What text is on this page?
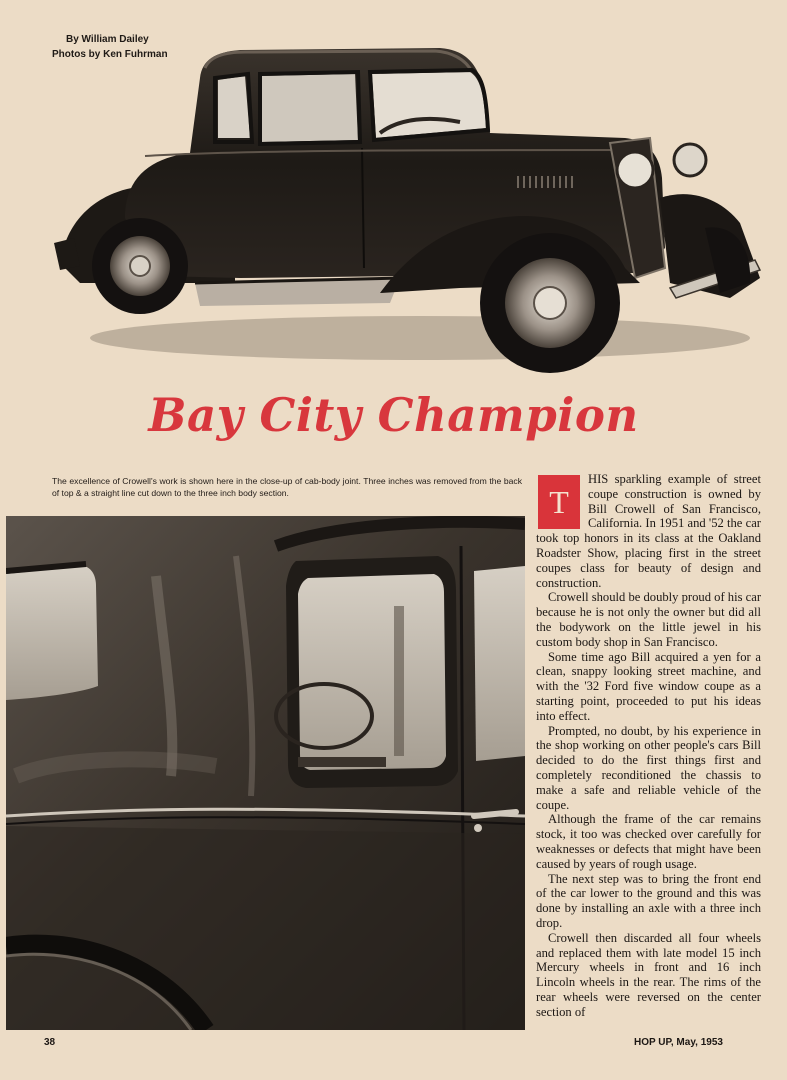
By William Dailey
Photos by Ken Fuhrman
Bay City Champion
The excellence of Crowell's work is shown here in the close-up of cab-body joint. Three inches was removed from the back of top & a straight line cut down to the three inch body section.	T
HIS sparkling example of street coupe construction is owned by Bill Crowell of San Francisco, California. In 1951 and '52 the car took top honors in its class at the Oakland Roadster Show, placing first in the street coupes class for beauty of design and construction.

Crowell should be doubly proud of his car because he is not only the owner but did all the bodywork on the little jewel in his custom body shop in San Francisco.

Some time ago Bill acquired a yen for a clean, snappy looking street machine, and with the '32 Ford five window coupe as a starting point, proceeded to put his ideas into effect.

Prompted, no doubt, by his experience in the shop working on other people's cars Bill decided to do the first things first and completely reconditioned the chassis to make a safe and reliable vehicle of the coupe.

Although the frame of the car remains stock, it too was checked over carefully for weaknesses or defects that might have been caused by years of rough usage.

The next step was to bring the front end of the car lower to the ground and this was done by installing an axle with a three inch drop.

Crowell then discarded all four wheels and replaced them with late model 15 inch Mercury wheels in front and 16 inch Lincoln wheels in the rear. The rims of the rear wheels were reversed on the center section of

38	HOP UP, May, 1953
